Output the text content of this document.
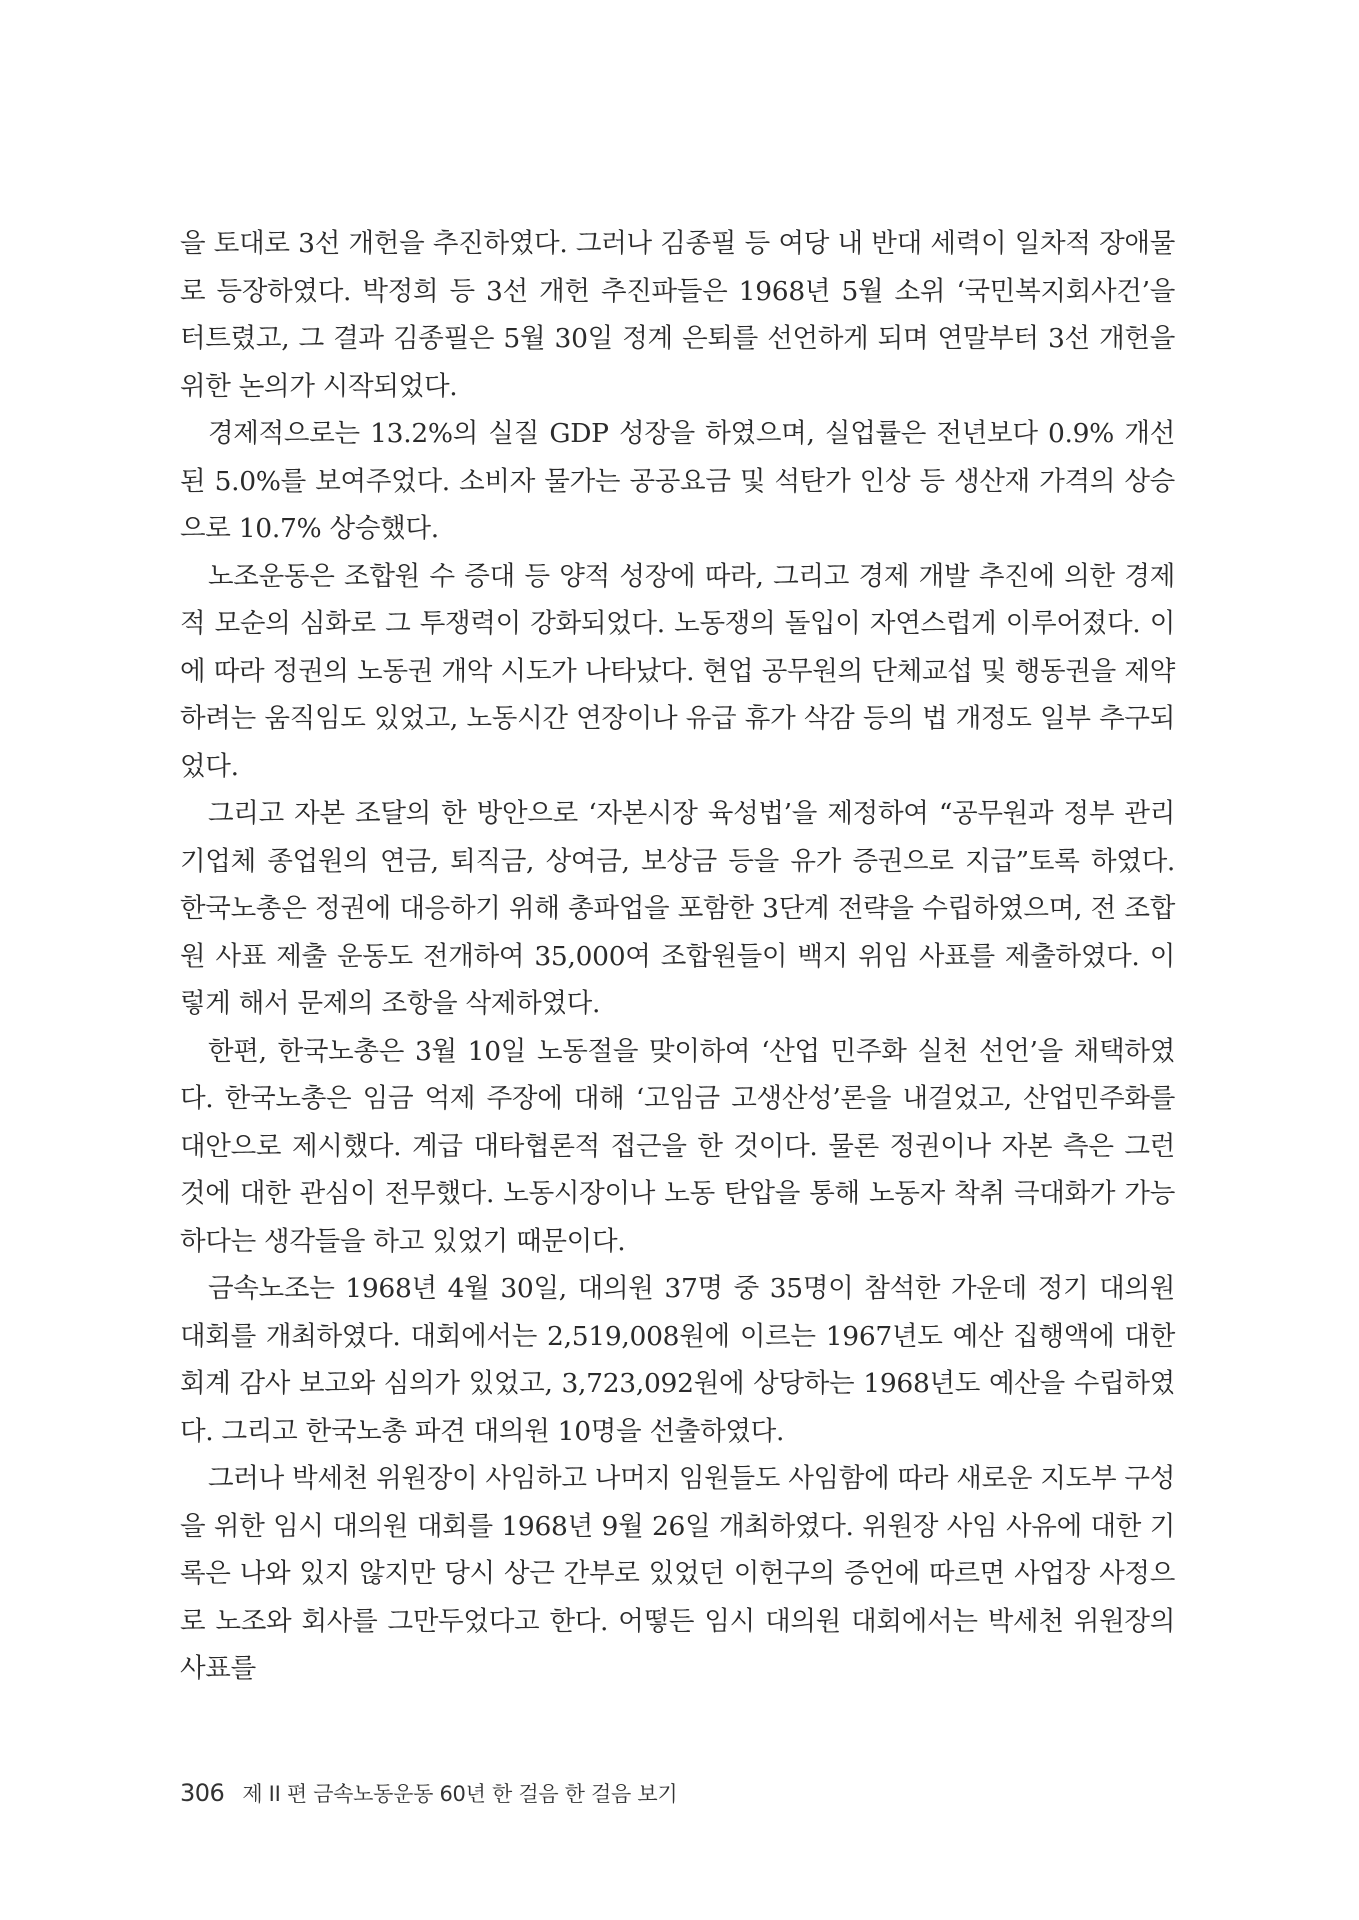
을 토대로 3선 개헌을 추진하였다. 그러나 김종필 등 여당 내 반대 세력이 일차적 장애물로 등장하였다. 박정희 등 3선 개헌 추진파들은 1968년 5월 소위 ‘국민복지회사건’을 터트렸고, 그 결과 김종필은 5월 30일 정계 은퇴를 선언하게 되며 연말부터 3선 개헌을 위한 논의가 시작되었다.

경제적으로는 13.2%의 실질 GDP 성장을 하였으며, 실업률은 전년보다 0.9% 개선된 5.0%를 보여주었다. 소비자 물가는 공공요금 및 석탄가 인상 등 생산재 가격의 상승으로 10.7% 상승했다.

노조운동은 조합원 수 증대 등 양적 성장에 따라, 그리고 경제 개발 추진에 의한 경제적 모순의 심화로 그 투쟁력이 강화되었다. 노동쟁의 돌입이 자연스럽게 이루어졌다. 이에 따라 정권의 노동권 개악 시도가 나타났다. 현업 공무원의 단체교섭 및 행동권을 제약하려는 움직임도 있었고, 노동시간 연장이나 유급 휴가 삭감 등의 법 개정도 일부 추구되었다.

그리고 자본 조달의 한 방안으로 ‘자본시장 육성법’을 제정하여 “공무원과 정부 관리 기업체 종업원의 연금, 퇴직금, 상여금, 보상금 등을 유가 증권으로 지급”토록 하였다. 한국노총은 정권에 대응하기 위해 총파업을 포함한 3단계 전략을 수립하였으며, 전 조합원 사표 제출 운동도 전개하여 35,000여 조합원들이 백지 위임 사표를 제출하였다. 이렇게 해서 문제의 조항을 삭제하였다.

한편, 한국노총은 3월 10일 노동절을 맞이하여 ‘산업 민주화 실천 선언’을 채택하였다. 한국노총은 임금 억제 주장에 대해 ‘고임금 고생산성’론을 내걸었고, 산업민주화를 대안으로 제시했다. 계급 대타협론적 접근을 한 것이다. 물론 정권이나 자본 측은 그런 것에 대한 관심이 전무했다. 노동시장이나 노동 탄압을 통해 노동자 착취 극대화가 가능하다는 생각들을 하고 있었기 때문이다.

금속노조는 1968년 4월 30일, 대의원 37명 중 35명이 참석한 가운데 정기 대의원 대회를 개최하였다. 대회에서는 2,519,008원에 이르는 1967년도 예산 집행액에 대한 회계 감사 보고와 심의가 있었고, 3,723,092원에 상당하는 1968년도 예산을 수립하였다. 그리고 한국노총 파견 대의원 10명을 선출하였다.

그러나 박세천 위원장이 사임하고 나머지 임원들도 사임함에 따라 새로운 지도부 구성을 위한 임시 대의원 대회를 1968년 9월 26일 개최하였다. 위원장 사임 사유에 대한 기록은 나와 있지 않지만 당시 상근 간부로 있었던 이헌구의 증언에 따르면 사업장 사정으로 노조와 회사를 그만두었다고 한다. 어떻든 임시 대의원 대회에서는 박세천 위원장의 사표를

306 제 II 편 금속노동운동 60년 한 걸음 한 걸음 보기
